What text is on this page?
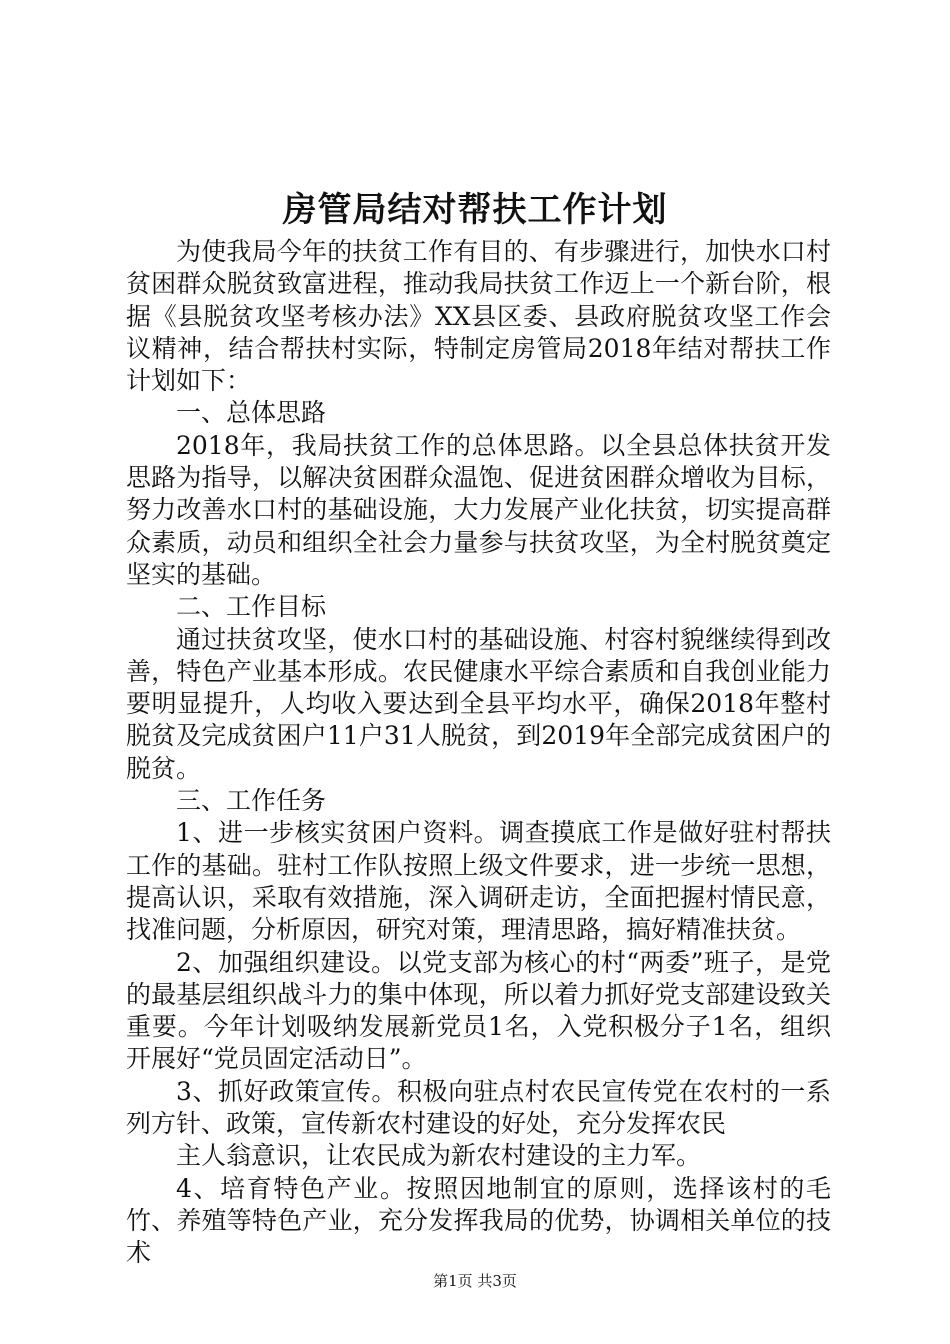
房管局结对帮扶工作计划

为使我局今年的扶贫工作有目的、有步骤进行，加快水口村贫困群众脱贫致富进程，推动我局扶贫工作迈上一个新台阶，根据《县脱贫攻坚考核办法》XX县区委、县政府脱贫攻坚工作会议精神，结合帮扶村实际，特制定房管局2018年结对帮扶工作计划如下：

一、总体思路

2018年，我局扶贫工作的总体思路。以全县总体扶贫开发思路为指导，以解决贫困群众温饱、促进贫困群众增收为目标，努力改善水口村的基础设施，大力发展产业化扶贫，切实提高群众素质，动员和组织全社会力量参与扶贫攻坚，为全村脱贫奠定坚实的基础。

二、工作目标

通过扶贫攻坚，使水口村的基础设施、村容村貌继续得到改善，特色产业基本形成。农民健康水平综合素质和自我创业能力要明显提升，人均收入要达到全县平均水平，确保2018年整村脱贫及完成贫困户11户31人脱贫，到2019年全部完成贫困户的脱贫。

三、工作任务

1、进一步核实贫困户资料。调查摸底工作是做好驻村帮扶工作的基础。驻村工作队按照上级文件要求，进一步统一思想，提高认识，采取有效措施，深入调研走访，全面把握村情民意，找准问题，分析原因，研究对策，理清思路，搞好精准扶贫。

2、加强组织建设。以党支部为核心的村“两委”班子，是党的最基层组织战斗力的集中体现，所以着力抓好党支部建设致关重要。今年计划吸纳发展新党员1名，入党积极分子1名，组织开展好“党员固定活动日”。

3、抓好政策宣传。积极向驻点村农民宣传党在农村的一系列方针、政策，宣传新农村建设的好处，充分发挥农民

主人翁意识，让农民成为新农村建设的主力军。

4、培育特色产业。按照因地制宜的原则，选择该村的毛竹、养殖等特色产业，充分发挥我局的优势，协调相关单位的技术

第1页 共3页
